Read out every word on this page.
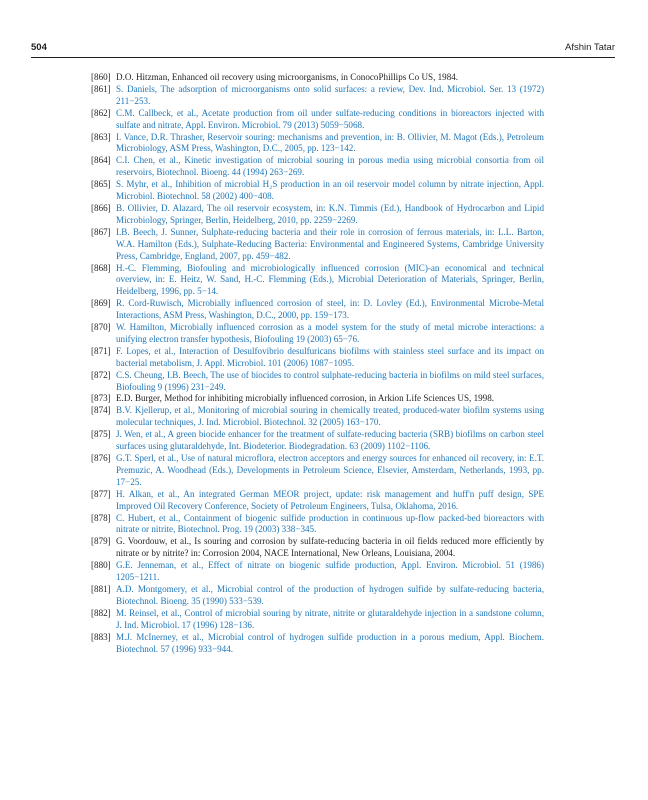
504	Afshin Tatar
[860] D.O. Hitzman, Enhanced oil recovery using microorganisms, in ConocoPhillips Co US, 1984.
[861] S. Daniels, The adsorption of microorganisms onto solid surfaces: a review, Dev. Ind. Microbiol. Ser. 13 (1972) 211−253.
[862] C.M. Callbeck, et al., Acetate production from oil under sulfate-reducing conditions in bioreactors injected with sulfate and nitrate, Appl. Environ. Microbiol. 79 (2013) 5059−5068.
[863] I. Vance, D.R. Thrasher, Reservoir souring: mechanisms and prevention, in: B. Ollivier, M. Magot (Eds.), Petroleum Microbiology, ASM Press, Washington, D.C., 2005, pp. 123−142.
[864] C.I. Chen, et al., Kinetic investigation of microbial souring in porous media using microbial consortia from oil reservoirs, Biotechnol. Bioeng. 44 (1994) 263−269.
[865] S. Myhr, et al., Inhibition of microbial H₂S production in an oil reservoir model column by nitrate injection, Appl. Microbiol. Biotechnol. 58 (2002) 400−408.
[866] B. Ollivier, D. Alazard, The oil reservoir ecosystem, in: K.N. Timmis (Ed.), Handbook of Hydrocarbon and Lipid Microbiology, Springer, Berlin, Heidelberg, 2010, pp. 2259−2269.
[867] I.B. Beech, J. Sunner, Sulphate-reducing bacteria and their role in corrosion of ferrous materials, in: L.L. Barton, W.A. Hamilton (Eds.), Sulphate-Reducing Bacteria: Environmental and Engineered Systems, Cambridge University Press, Cambridge, England, 2007, pp. 459−482.
[868] H.-C. Flemming, Biofouling and microbiologically influenced corrosion (MIC)-an economical and technical overview, in: E. Heitz, W. Sand, H.-C. Flemming (Eds.), Microbial Deterioration of Materials, Springer, Berlin, Heidelberg, 1996, pp. 5−14.
[869] R. Cord-Ruwisch, Microbially influenced corrosion of steel, in: D. Lovley (Ed.), Environmental Microbe-Metal Interactions, ASM Press, Washington, D.C., 2000, pp. 159−173.
[870] W. Hamilton, Microbially influenced corrosion as a model system for the study of metal microbe interactions: a unifying electron transfer hypothesis, Biofouling 19 (2003) 65−76.
[871] F. Lopes, et al., Interaction of Desulfovibrio desulfuricans biofilms with stainless steel surface and its impact on bacterial metabolism, J. Appl. Microbiol. 101 (2006) 1087−1095.
[872] C.S. Cheung, I.B. Beech, The use of biocides to control sulphate-reducing bacteria in biofilms on mild steel surfaces, Biofouling 9 (1996) 231−249.
[873] E.D. Burger, Method for inhibiting microbially influenced corrosion, in Arkion Life Sciences US, 1998.
[874] B.V. Kjellerup, et al., Monitoring of microbial souring in chemically treated, produced-water biofilm systems using molecular techniques, J. Ind. Microbiol. Biotechnol. 32 (2005) 163−170.
[875] J. Wen, et al., A green biocide enhancer for the treatment of sulfate-reducing bacteria (SRB) biofilms on carbon steel surfaces using glutaraldehyde, Int. Biodeterior. Biodegradation. 63 (2009) 1102−1106.
[876] G.T. Sperl, et al., Use of natural microflora, electron acceptors and energy sources for enhanced oil recovery, in: E.T. Premuzic, A. Woodhead (Eds.), Developments in Petroleum Science, Elsevier, Amsterdam, Netherlands, 1993, pp. 17−25.
[877] H. Alkan, et al., An integrated German MEOR project, update: risk management and huff'n puff design, SPE Improved Oil Recovery Conference, Society of Petroleum Engineers, Tulsa, Oklahoma, 2016.
[878] C. Hubert, et al., Containment of biogenic sulfide production in continuous up-flow packed-bed bioreactors with nitrate or nitrite, Biotechnol. Prog. 19 (2003) 338−345.
[879] G. Voordouw, et al., Is souring and corrosion by sulfate-reducing bacteria in oil fields reduced more efficiently by nitrate or by nitrite? in: Corrosion 2004, NACE International, New Orleans, Louisiana, 2004.
[880] G.E. Jenneman, et al., Effect of nitrate on biogenic sulfide production, Appl. Environ. Microbiol. 51 (1986) 1205−1211.
[881] A.D. Montgomery, et al., Microbial control of the production of hydrogen sulfide by sulfate-reducing bacteria, Biotechnol. Bioeng. 35 (1990) 533−539.
[882] M. Reinsel, et al., Control of microbial souring by nitrate, nitrite or glutaraldehyde injection in a sandstone column, J. Ind. Microbiol. 17 (1996) 128−136.
[883] M.J. McInerney, et al., Microbial control of hydrogen sulfide production in a porous medium, Appl. Biochem. Biotechnol. 57 (1996) 933−944.
